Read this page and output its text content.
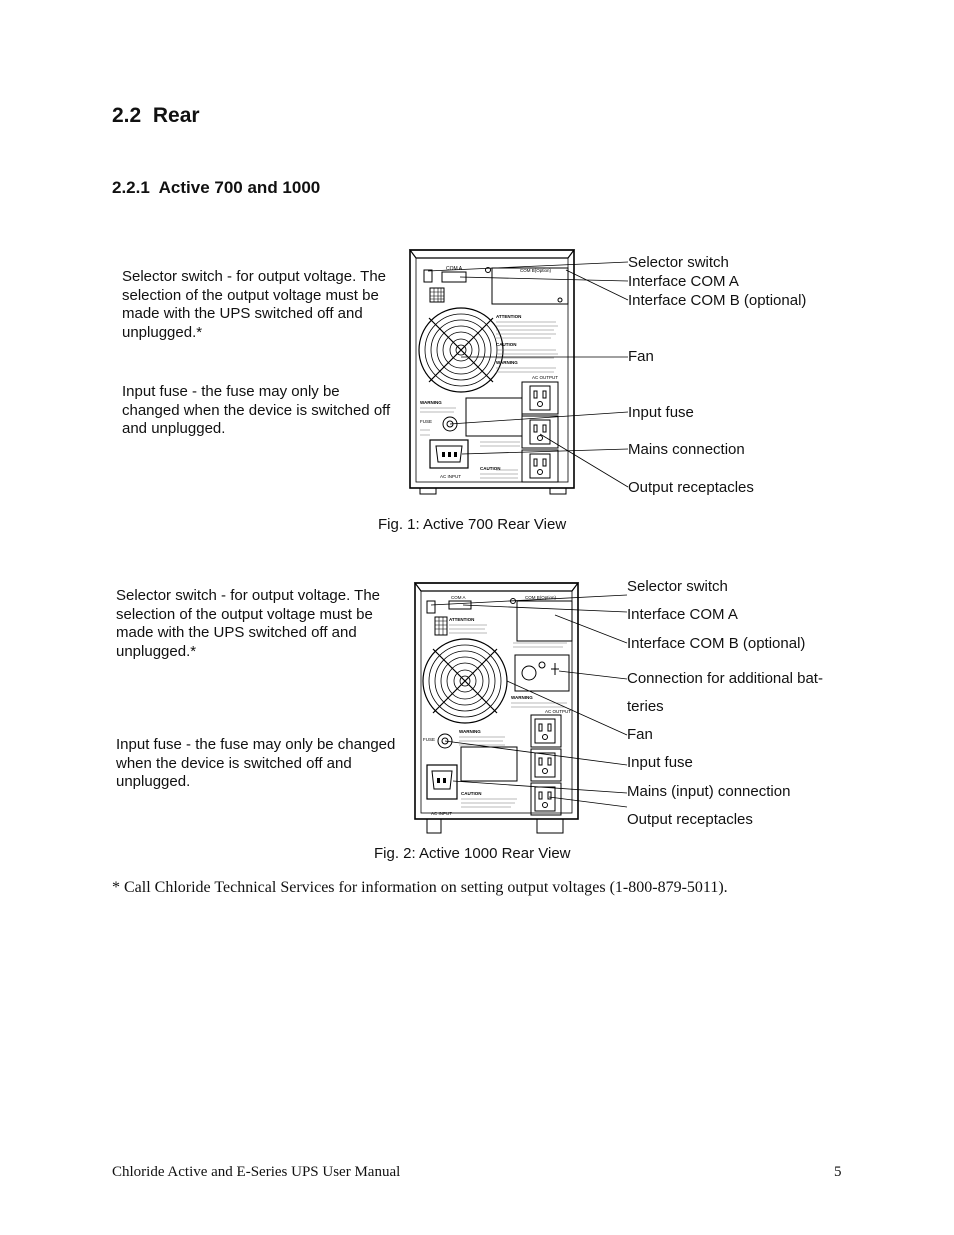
2.2 Rear
2.2.1 Active 700 and 1000
Selector switch - for output voltage. The selection of the output voltage must be made with the UPS switched off and unplugged.*
Input fuse - the fuse may only be changed when the device is switched off and unplugged.
COM A	COM B(Option)
ATTENTION
CAUTION
WARNING
AC OUTPUT
WARNING
FUSE
AC INPUT
CAUTION
Selector switch
Interface COM A
Interface COM B (optional)
Fan
Input fuse
Mains connection
Output receptacles
Fig. 1: Active 700 Rear View
Selector switch - for output voltage. The selection of the output voltage must be made with the UPS switched off and unplugged.*
Input fuse - the fuse may only be changed when the device is switched off and unplugged.
COM A	COM B(Option)
ATTENTION
WARNING
AC OUTPUT
WARNING
FUSE
AC INPUT
CAUTION
Selector switch
Interface COM A
Interface COM B (optional)
Connection for additional bat-
teries
Fan
Input fuse
Mains (input) connection
Output receptacles
Fig. 2: Active 1000 Rear View
* Call Chloride Technical Services for information on setting output voltages (1-800-879-5011).
Chloride Active and E-Series UPS User Manual	5
